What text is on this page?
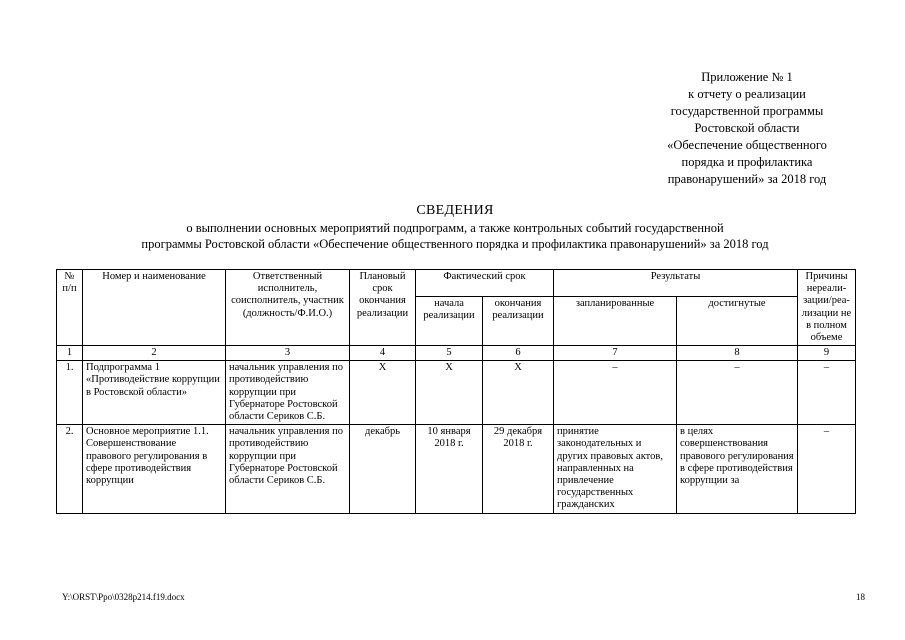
Приложение № 1
к отчету о реализации
государственной программы
Ростовской области
«Обеспечение общественного
порядка и профилактика
правонарушений» за 2018 год
СВЕДЕНИЯ
о выполнении основных мероприятий подпрограмм, а также контрольных событий государственной
программы Ростовской области «Обеспечение общественного порядка и профилактика правонарушений» за 2018 год
№ п/п	Номер и наименование	Ответственный исполнитель, соисполнитель, участник (должность/Ф.И.О.)	Плановый срок окончания реализации	Фактический срок		Результаты		Причины нереали-зации/реа-лизации не в полном объеме
				начала реализации	окончания реализации	запланированные	достигнутые	
1	2	3	4	5	6	7	8	9
1.	Подпрограмма 1 «Противодействие коррупции в Ростовской области»	начальник управления по противодействию коррупции при Губернаторе Ростовской области Сериков С.Б.	Х	Х	Х	–	–	–
2.	Основное мероприятие 1.1. Совершенствование правового регулирования в сфере противодействия коррупции	начальник управления по противодействию коррупции при Губернаторе Ростовской области Сериков С.Б.	декабрь	10 января 2018 г.	29 декабря 2018 г.	принятие законодательных и других правовых актов, направленных на привлечение государственных гражданских	в целях совершенствования правового регулирования в сфере противодействия коррупции за	–
Y:\ORST\Ppo\0328p214.f19.docx	18
